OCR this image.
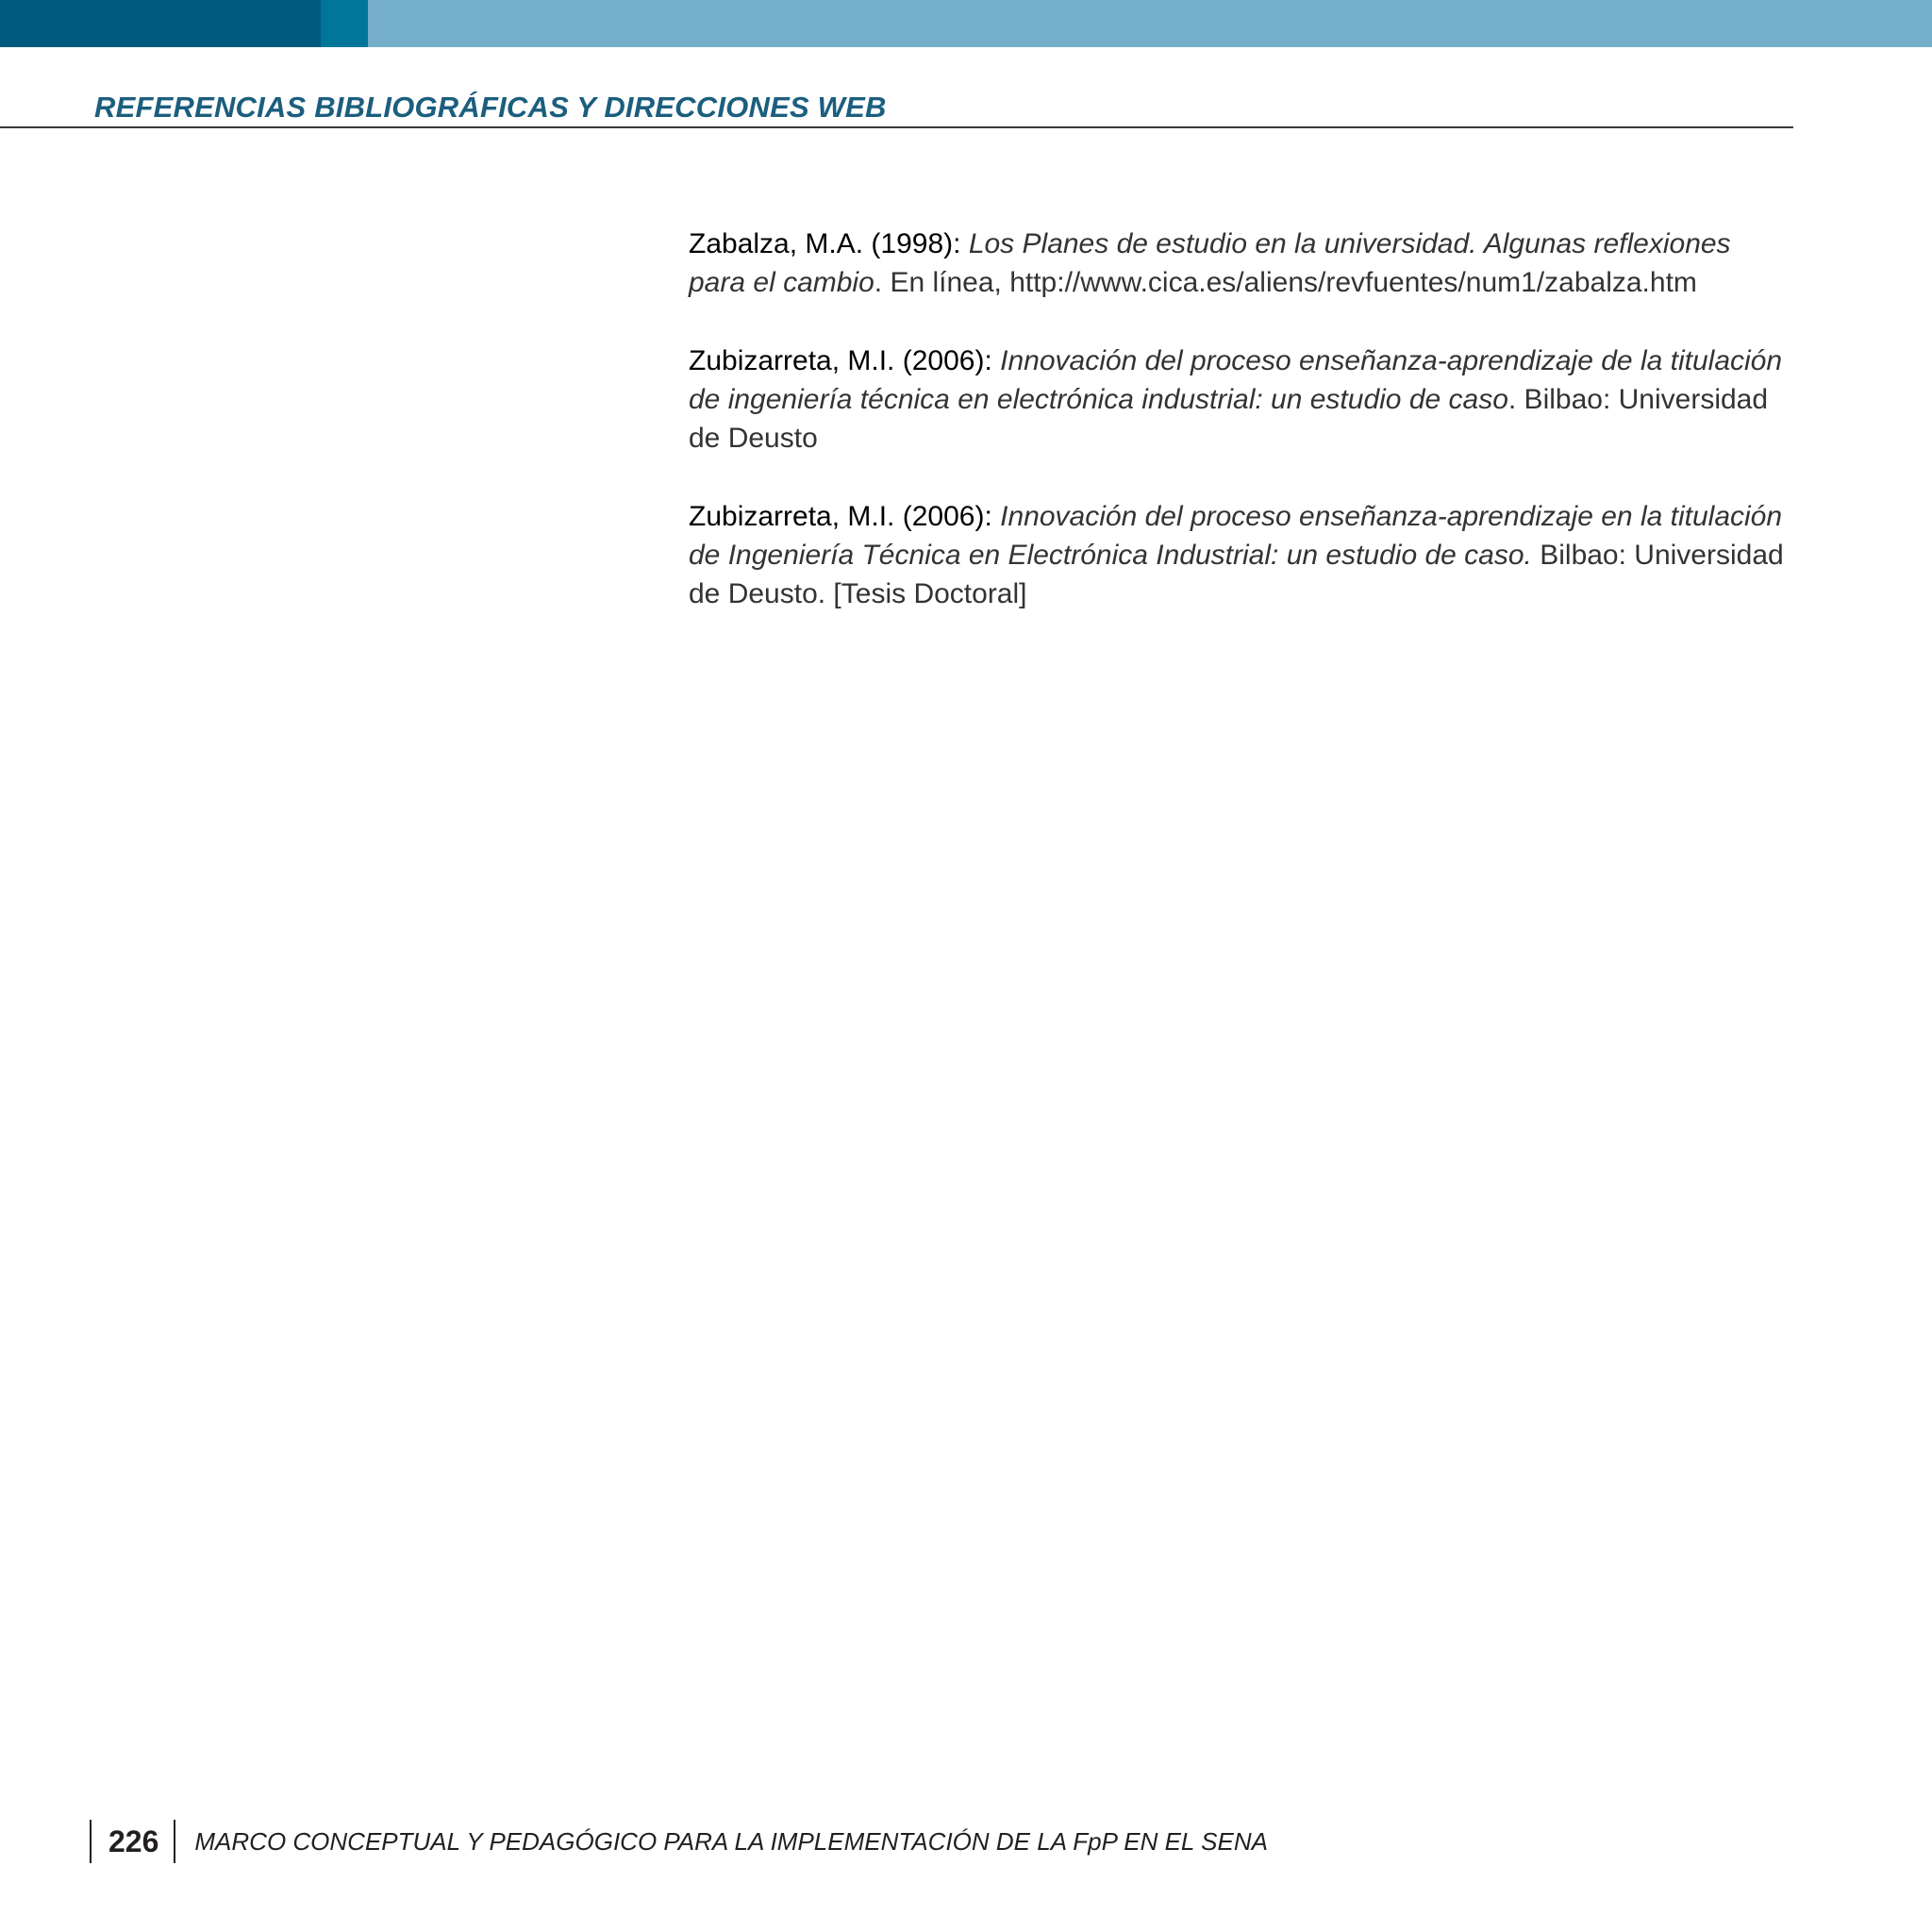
REFERENCIAS BIBLIOGRÁFICAS Y DIRECCIONES WEB

Zabalza, M.A. (1998): Los Planes de estudio en la universidad. Algunas reflexiones para el cambio. En línea, http://www.cica.es/aliens/revfuentes/num1/zabalza.htm

Zubizarreta, M.I. (2006): Innovación del proceso enseñanza-aprendizaje de la titulación de ingeniería técnica en electrónica industrial: un estudio de caso. Bilbao: Universidad de Deusto

Zubizarreta, M.I. (2006): Innovación del proceso enseñanza-aprendizaje en la titulación de Ingeniería Técnica en Electrónica Industrial: un estudio de caso. Bilbao: Universidad de Deusto. [Tesis Doctoral]

226 MARCO CONCEPTUAL Y PEDAGÓGICO PARA LA IMPLEMENTACIÓN DE LA FpP EN EL SENA
